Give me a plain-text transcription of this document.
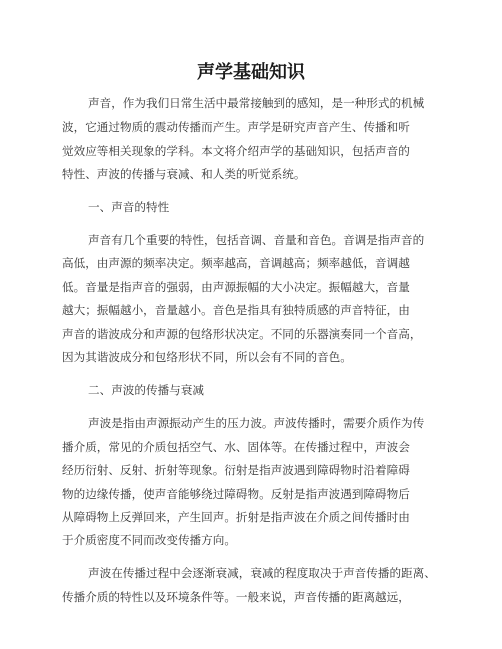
声学基础知识

声音，作为我们日常生活中最常接触到的感知，是一种形式的机械

波，它通过物质的震动传播而产生。声学是研究声音产生、传播和听

觉效应等相关现象的学科。本文将介绍声学的基础知识，包括声音的

特性、声波的传播与衰减、和人类的听觉系统。

一、声音的特性

声音有几个重要的特性，包括音调、音量和音色。音调是指声音的

高低，由声源的频率决定。频率越高，音调越高；频率越低，音调越

低。音量是指声音的强弱，由声源振幅的大小决定。振幅越大，音量

越大；振幅越小，音量越小。音色是指具有独特质感的声音特征，由

声音的谐波成分和声源的包络形状决定。不同的乐器演奏同一个音高，

因为其谐波成分和包络形状不同，所以会有不同的音色。

二、声波的传播与衰减

声波是指由声源振动产生的压力波。声波传播时，需要介质作为传

播介质，常见的介质包括空气、水、固体等。在传播过程中，声波会

经历衍射、反射、折射等现象。衍射是指声波遇到障碍物时沿着障碍

物的边缘传播，使声音能够绕过障碍物。反射是指声波遇到障碍物后

从障碍物上反弹回来，产生回声。折射是指声波在介质之间传播时由

于介质密度不同而改变传播方向。

声波在传播过程中会逐渐衰减，衰减的程度取决于声音传播的距离、

传播介质的特性以及环境条件等。一般来说，声音传播的距离越远，
